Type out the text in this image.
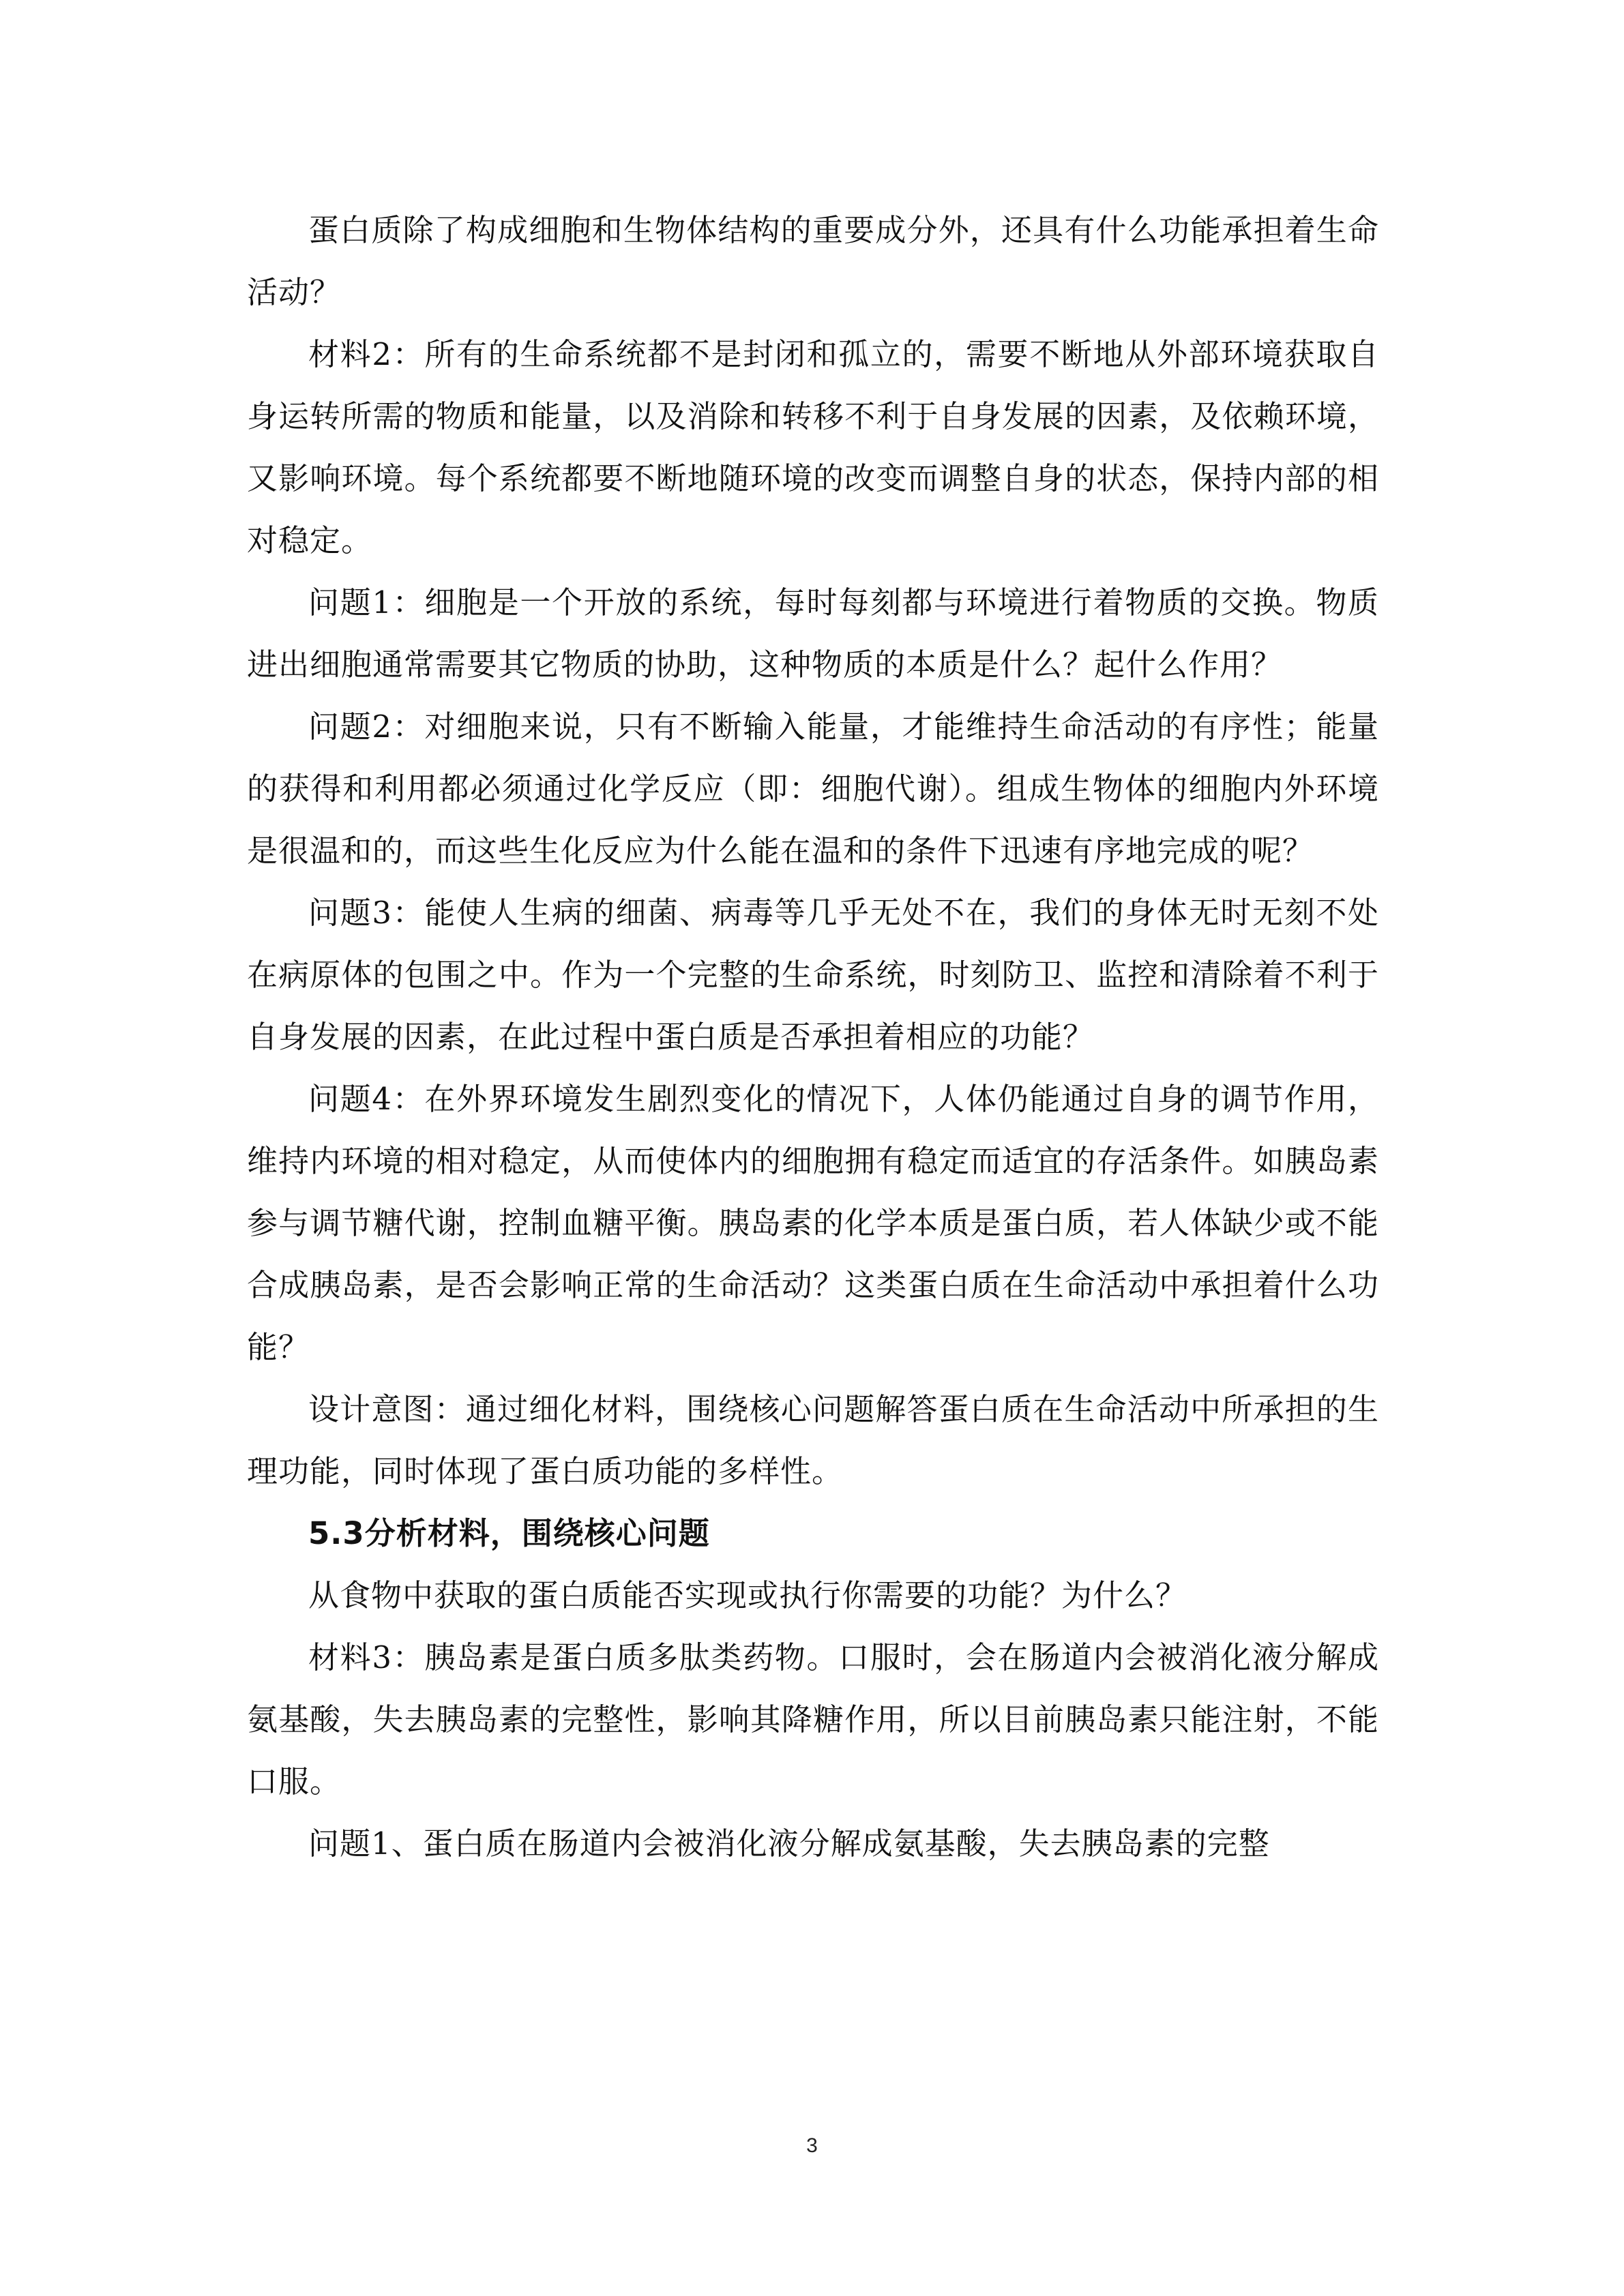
蛋白质除了构成细胞和生物体结构的重要成分外，还具有什么功能承担着生命活动？

材料2：所有的生命系统都不是封闭和孤立的，需要不断地从外部环境获取自身运转所需的物质和能量，以及消除和转移不利于自身发展的因素，及依赖环境，又影响环境。每个系统都要不断地随环境的改变而调整自身的状态，保持内部的相对稳定。

问题1：细胞是一个开放的系统，每时每刻都与环境进行着物质的交换。物质进出细胞通常需要其它物质的协助，这种物质的本质是什么？起什么作用？

问题2：对细胞来说，只有不断输入能量，才能维持生命活动的有序性；能量的获得和利用都必须通过化学反应（即：细胞代谢）。组成生物体的细胞内外环境是很温和的，而这些生化反应为什么能在温和的条件下迅速有序地完成的呢？

问题3：能使人生病的细菌、病毒等几乎无处不在，我们的身体无时无刻不处在病原体的包围之中。作为一个完整的生命系统，时刻防卫、监控和清除着不利于自身发展的因素，在此过程中蛋白质是否承担着相应的功能？

问题4：在外界环境发生剧烈变化的情况下，人体仍能通过自身的调节作用，维持内环境的相对稳定，从而使体内的细胞拥有稳定而适宜的存活条件。如胰岛素参与调节糖代谢，控制血糖平衡。胰岛素的化学本质是蛋白质，若人体缺少或不能合成胰岛素，是否会影响正常的生命活动？这类蛋白质在生命活动中承担着什么功能？

设计意图：通过细化材料，围绕核心问题解答蛋白质在生命活动中所承担的生理功能，同时体现了蛋白质功能的多样性。

5.3分析材料，围绕核心问题

从食物中获取的蛋白质能否实现或执行你需要的功能？为什么？

材料3：胰岛素是蛋白质多肽类药物。口服时，会在肠道内会被消化液分解成氨基酸，失去胰岛素的完整性，影响其降糖作用，所以目前胰岛素只能注射，不能口服。

问题1、蛋白质在肠道内会被消化液分解成氨基酸，失去胰岛素的完整

3
